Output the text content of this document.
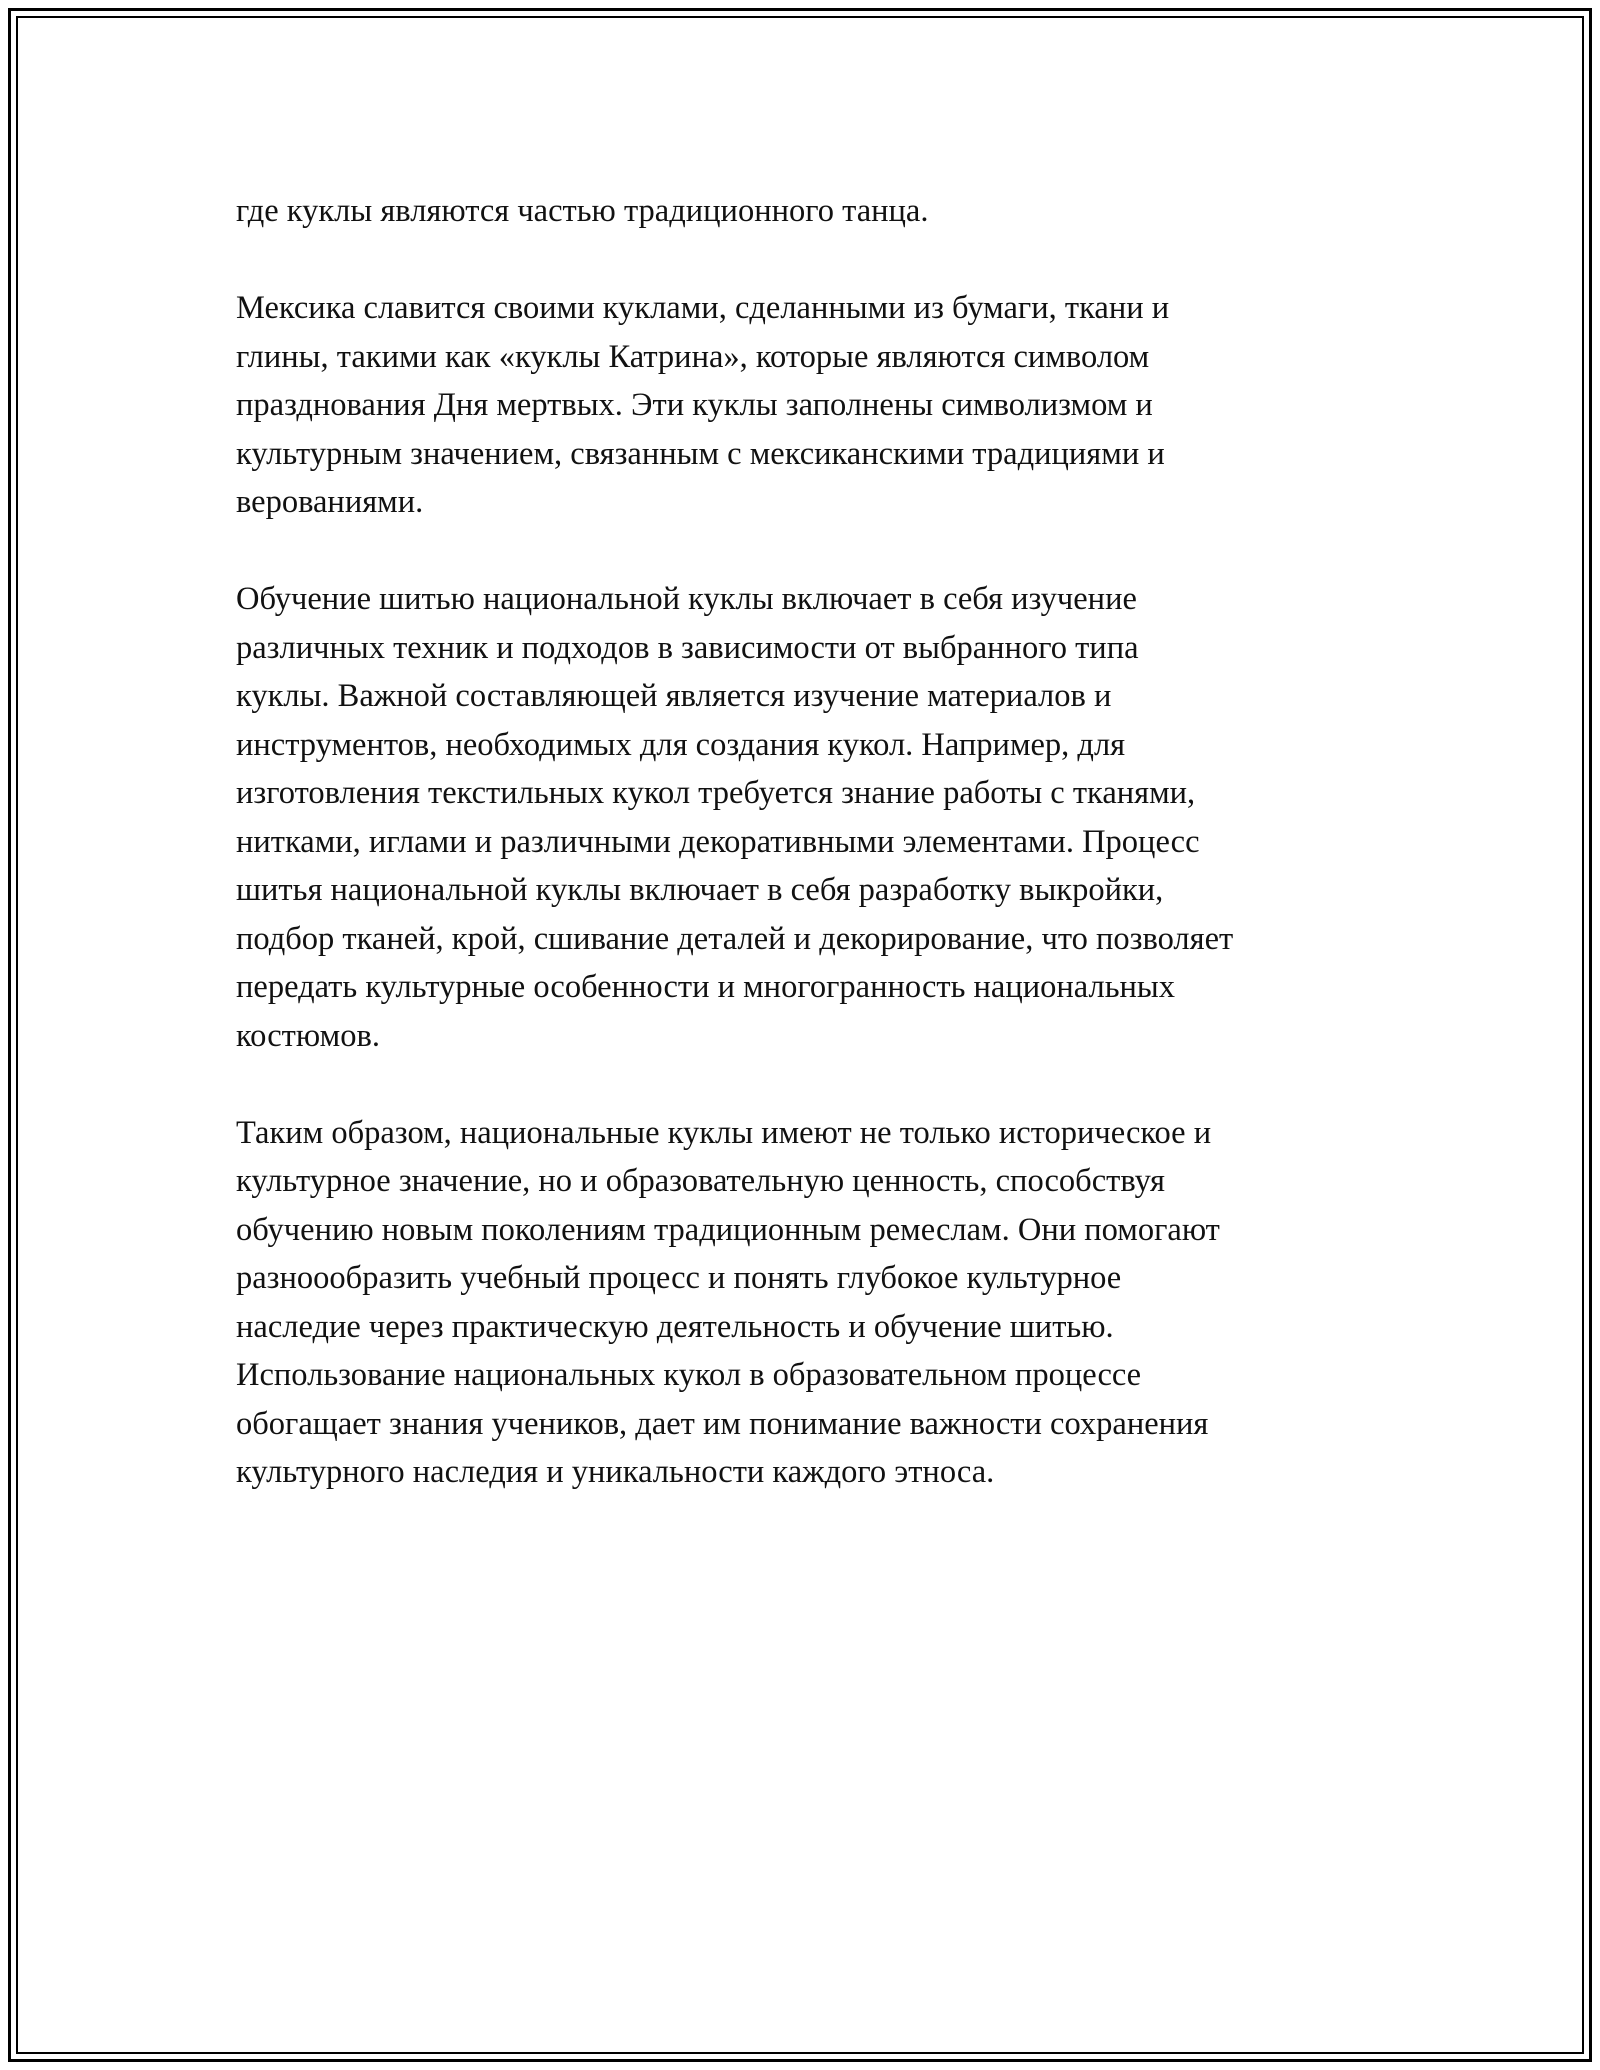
где куклы являются частью традиционного танца.

Мексика славится своими куклами, сделанными из бумаги, ткани и
глины, такими как «куклы Катрина», которые являются символом
празднования Дня мертвых. Эти куклы заполнены символизмом и
культурным значением, связанным с мексиканскими традициями и
верованиями.

Обучение шитью национальной куклы включает в себя изучение
различных техник и подходов в зависимости от выбранного типа
куклы. Важной составляющей является изучение материалов и
инструментов, необходимых для создания кукол. Например, для
изготовления текстильных кукол требуется знание работы с тканями,
нитками, иглами и различными декоративными элементами. Процесс
шитья национальной куклы включает в себя разработку выкройки,
подбор тканей, крой, сшивание деталей и декорирование, что позволяет
передать культурные особенности и многогранность национальных
костюмов.

Таким образом, национальные куклы имеют не только историческое и
культурное значение, но и образовательную ценность, способствуя
обучению новым поколениям традиционным ремеслам. Они помогают
разноообразить учебный процесс и понять глубокое культурное
наследие через практическую деятельность и обучение шитью.
Использование национальных кукол в образовательном процессе
обогащает знания учеников, дает им понимание важности сохранения
культурного наследия и уникальности каждого этноса.
